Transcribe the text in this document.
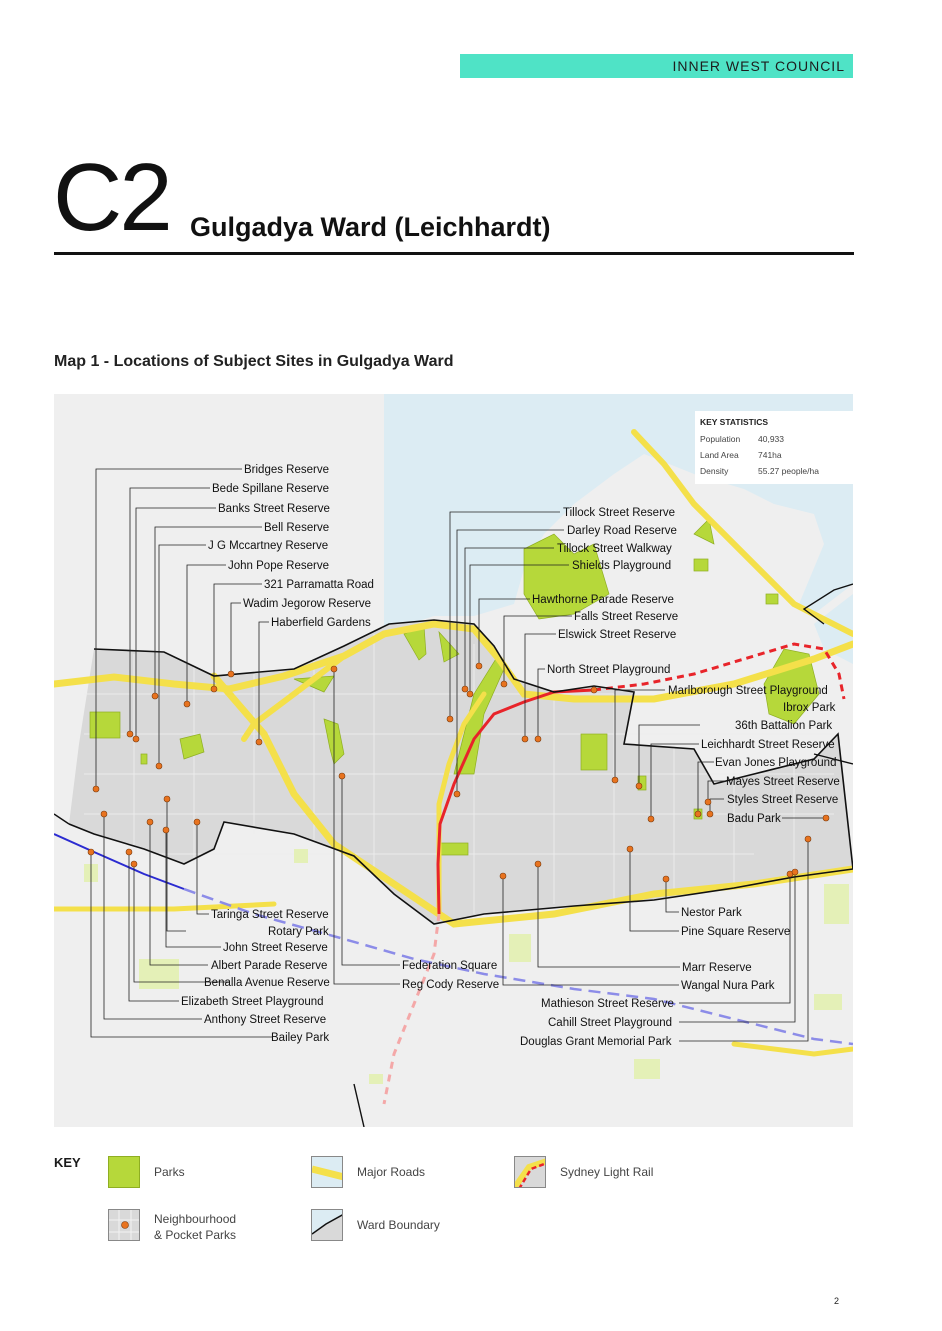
INNER WEST COUNCIL
C2 Gulgadya Ward (Leichhardt)
Map 1 - Locations of Subject Sites in Gulgadya Ward
Bridges Reserve
Bede Spillane Reserve
Banks Street Reserve
Bell Reserve
J G Mccartney Reserve
John Pope Reserve
321 Parramatta Road
Wadim Jegorow Reserve
Haberfield Gardens
Tillock Street Reserve
Darley Road Reserve
Tillock Street Walkway
Shields Playground
Hawthorne Parade Reserve
Falls Street Reserve
Elswick Street Reserve
North Street Playground
Marlborough Street Playground
Ibrox Park
36th Battalion Park
Leichhardt Street Reserve
Evan Jones Playground
Mayes Street Reserve
Styles Street Reserve
Badu Park
Taringa Street Reserve
Rotary Park
John Street Reserve
Albert Parade Reserve
Benalla Avenue Reserve
Elizabeth Street Playground
Anthony Street Reserve
Bailey Park
Federation Square
Reg Cody Reserve
Nestor Park
Pine Square Reserve
Marr Reserve
Wangal Nura Park
Mathieson Street Reserve
Cahill Street Playground
Douglas Grant Memorial Park
KEY STATISTICS
Population	40,933
Land Area	741ha
Density	55.27 people/ha
KEY
Parks	Major Roads	Sydney Light Rail
Neighbourhood
& Pocket Parks
Ward Boundary
2
